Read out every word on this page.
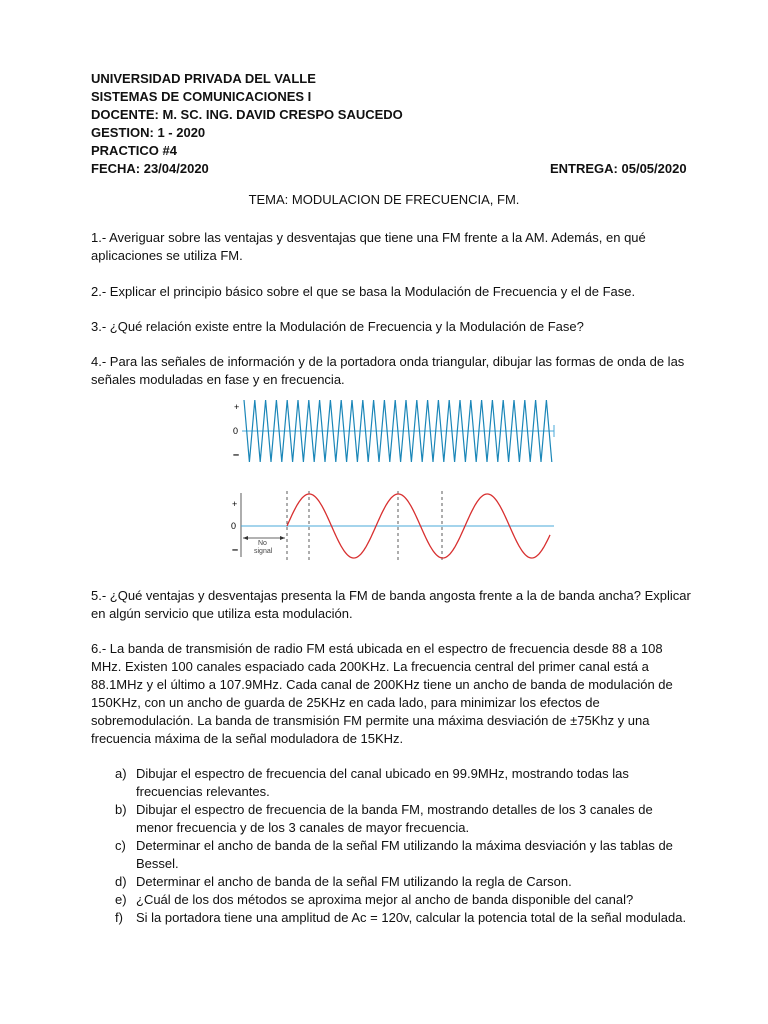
UNIVERSIDAD PRIVADA DEL VALLE
SISTEMAS DE COMUNICACIONES I
DOCENTE: M. SC. ING. DAVID CRESPO SAUCEDO
GESTION: 1 - 2020
PRACTICO #4
FECHA: 23/04/2020	ENTREGA: 05/05/2020
TEMA: MODULACION DE FRECUENCIA, FM.
1.- Averiguar sobre las ventajas y desventajas que tiene una FM frente a la AM. Además, en qué aplicaciones se utiliza FM.
2.- Explicar el principio básico sobre el que se basa la Modulación de Frecuencia y el de Fase.
3.- ¿Qué relación existe entre la Modulación de Frecuencia y la Modulación de Fase?
4.- Para las señales de información y de la portadora onda triangular, dibujar las formas de onda de las señales moduladas en fase y en frecuencia.
+
0
–
+
0
–
No
signal
5.- ¿Qué ventajas y desventajas presenta la FM de banda angosta frente a la de banda ancha? Explicar en algún servicio que utiliza esta modulación.
6.- La banda de transmisión de radio FM está ubicada en el espectro de frecuencia desde 88 a 108 MHz. Existen 100 canales espaciado cada 200KHz. La frecuencia central del primer canal está a 88.1MHz y el último a 107.9MHz. Cada canal de 200KHz tiene un ancho de banda de modulación de 150KHz, con un ancho de guarda de 25KHz en cada lado, para minimizar los efectos de sobremodulación. La banda de transmisión FM permite una máxima desviación de ±75Khz y una frecuencia máxima de la señal moduladora de 15KHz.
a) Dibujar el espectro de frecuencia del canal ubicado en 99.9MHz, mostrando todas las frecuencias relevantes.
b) Dibujar el espectro de frecuencia de la banda FM, mostrando detalles de los 3 canales de menor frecuencia y de los 3 canales de mayor frecuencia.
c) Determinar el ancho de banda de la señal FM utilizando la máxima desviación y las tablas de Bessel.
d) Determinar el ancho de banda de la señal FM utilizando la regla de Carson.
e) ¿Cuál de los dos métodos se aproxima mejor al ancho de banda disponible del canal?
f) Si la portadora tiene una amplitud de Ac = 120v, calcular la potencia total de la señal modulada.
